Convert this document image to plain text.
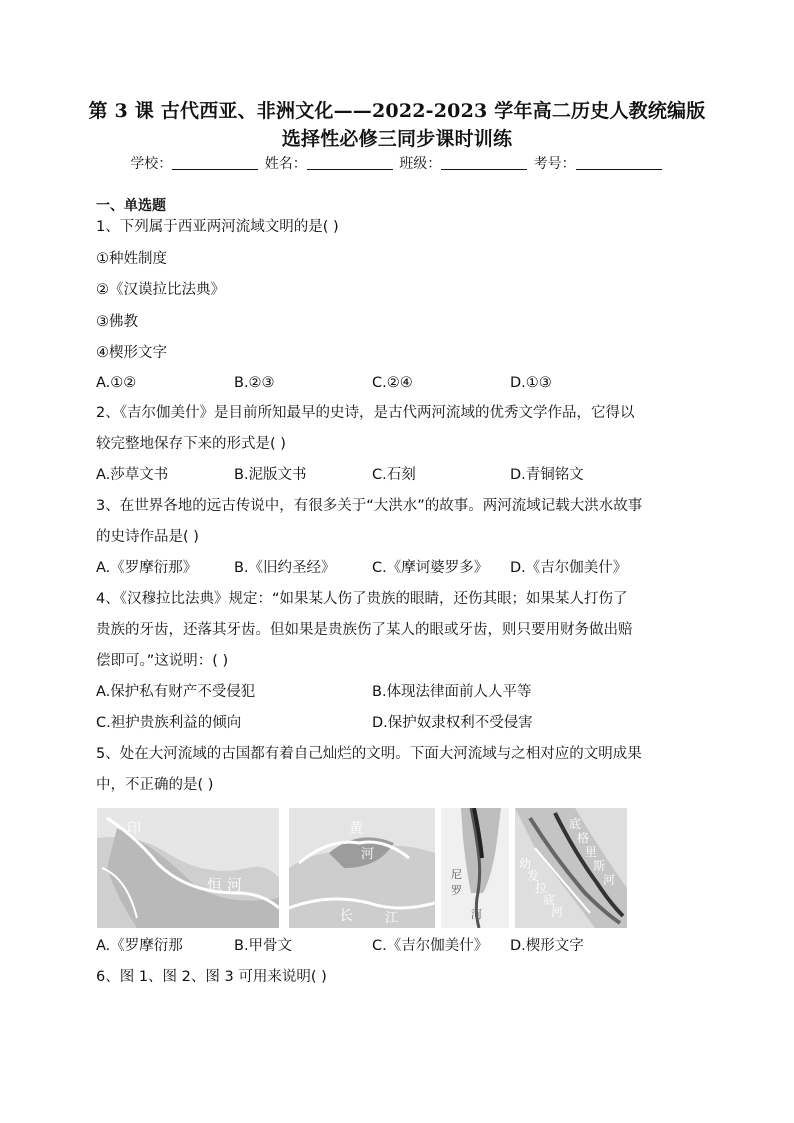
第 3 课 古代西亚、非洲文化——2022-2023 学年高二历史人教统编版
选择性必修三同步课时训练
学校：	姓名：	班级：	考号：
一、单选题
1、下列属于西亚两河流域文明的是( )
①种姓制度
②《汉谟拉比法典》
③佛教
④楔形文字
A.①②	B.②③	C.②④	D.①③
2、《吉尔伽美什》是目前所知最早的史诗，是古代两河流域的优秀文学作品，它得以
较完整地保存下来的形式是( )
A.莎草文书	B.泥版文书	C.石刻	D.青铜铭文
3、在世界各地的远古传说中，有很多关于“大洪水”的故事。两河流域记载大洪水故事
的史诗作品是( )
A.《罗摩衍那》	B.《旧约圣经》	C.《摩诃婆罗多》 D.《吉尔伽美什》
4、《汉穆拉比法典》规定：“如果某人伤了贵族的眼睛，还伤其眼；如果某人打伤了
贵族的牙齿，还落其牙齿。但如果是贵族伤了某人的眼或牙齿，则只要用财务做出赔
偿即可。”这说明：( )
A.保护私有财产不受侵犯	B.体现法律面前人人平等
C.袒护贵族利益的倾向	D.保护奴隶权利不受侵害
5、处在大河流域的古国都有着自己灿烂的文明。下面大河流域与之相对应的文明成果
中，不正确的是( )
印
恒 河
黄
河
长 江
尼
罗
河
幼
发
拉
底
河
底
格
里
斯
河
A.《罗摩衍那	B.甲骨文	C.《吉尔伽美什》 D.楔形文字
6、图 1、图 2、图 3 可用来说明( )
